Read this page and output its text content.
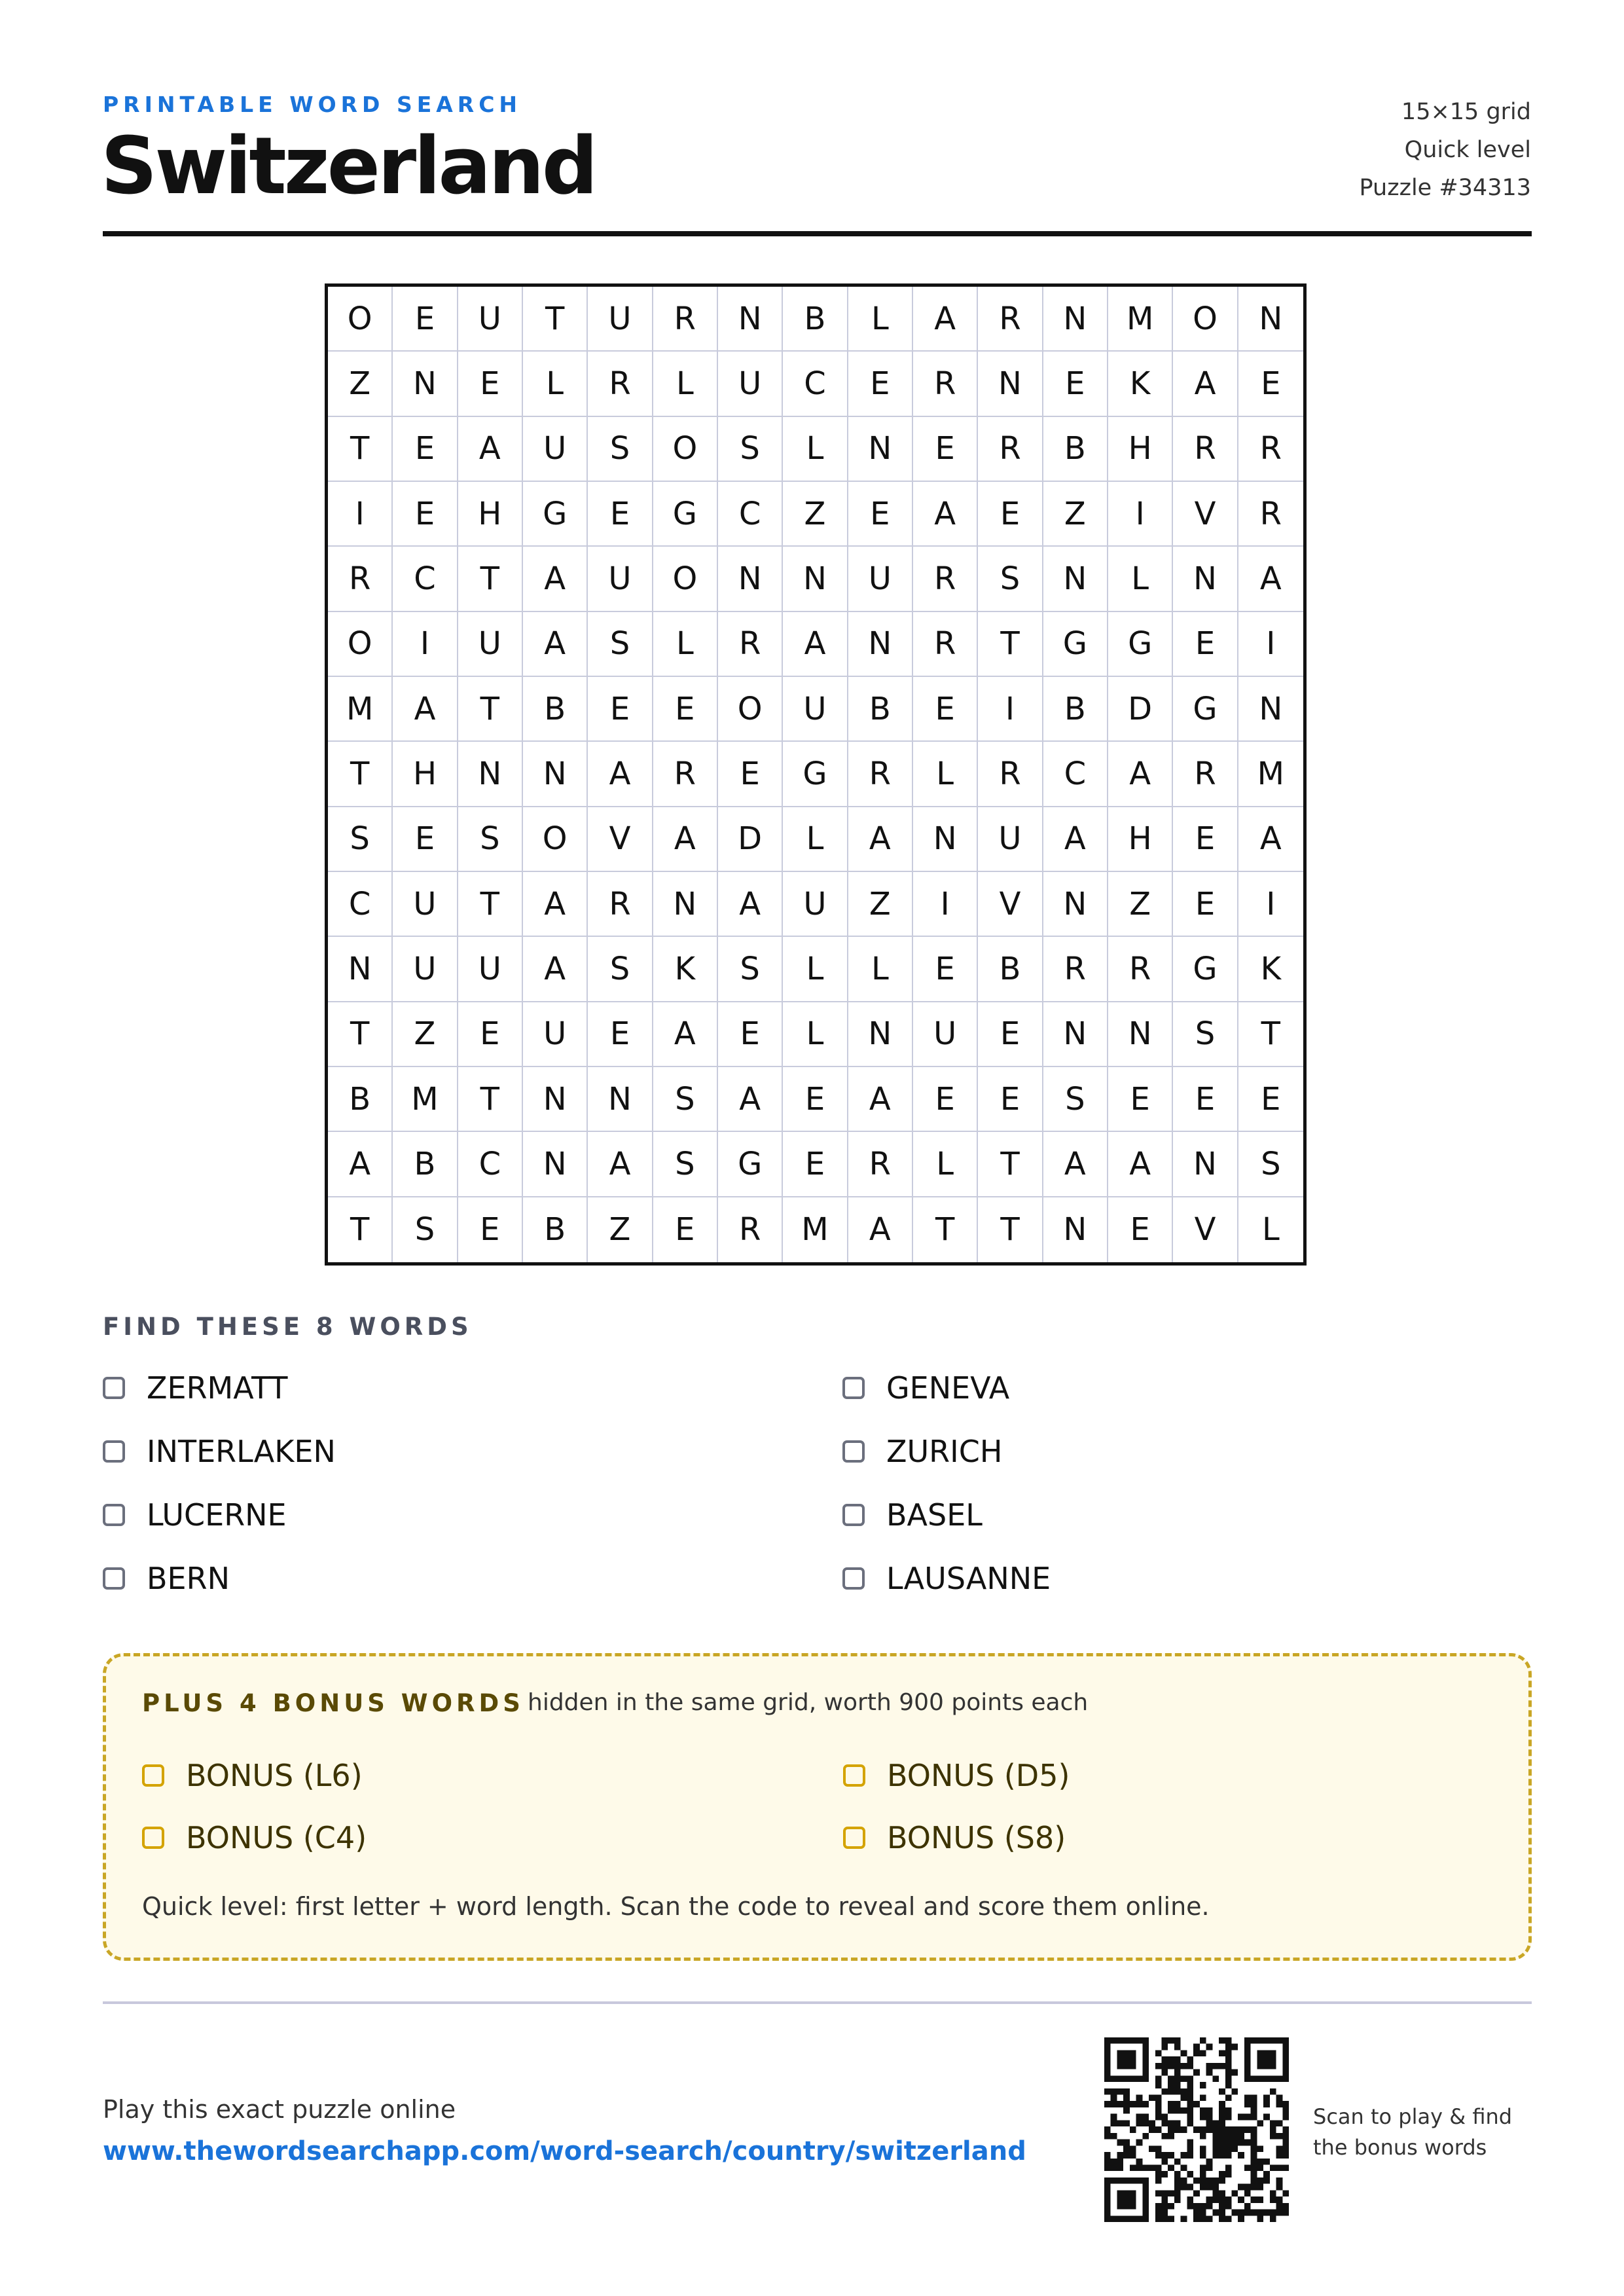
PRINTABLE WORD SEARCH
Switzerland
15×15 grid
Quick level
Puzzle #34313
O	E	U	T	U	R	N	B	L	A	R	N	M	O	N
Z	N	E	L	R	L	U	C	E	R	N	E	K	A	E
T	E	A	U	S	O	S	L	N	E	R	B	H	R	R
I	E	H	G	E	G	C	Z	E	A	E	Z	I	V	R
R	C	T	A	U	O	N	N	U	R	S	N	L	N	A
O	I	U	A	S	L	R	A	N	R	T	G	G	E	I
M	A	T	B	E	E	O	U	B	E	I	B	D	G	N
T	H	N	N	A	R	E	G	R	L	R	C	A	R	M
S	E	S	O	V	A	D	L	A	N	U	A	H	E	A
C	U	T	A	R	N	A	U	Z	I	V	N	Z	E	I
N	U	U	A	S	K	S	L	L	E	B	R	R	G	K
T	Z	E	U	E	A	E	L	N	U	E	N	N	S	T
B	M	T	N	N	S	A	E	A	E	E	S	E	E	E
A	B	C	N	A	S	G	E	R	L	T	A	A	N	S
T	S	E	B	Z	E	R	M	A	T	T	N	E	V	L
FIND THESE 8 WORDS
ZERMATT	GENEVA
INTERLAKEN	ZURICH
LUCERNE	BASEL
BERN	LAUSANNE
PLUS 4 BONUS WORDS hidden in the same grid, worth 900 points each
BONUS (L6)	BONUS (D5)
BONUS (C4)	BONUS (S8)
Quick level: first letter + word length. Scan the code to reveal and score them online.
Play this exact puzzle online
www.thewordsearchapp.com/word-search/country/switzerland
Scan to play & find
the bonus words
